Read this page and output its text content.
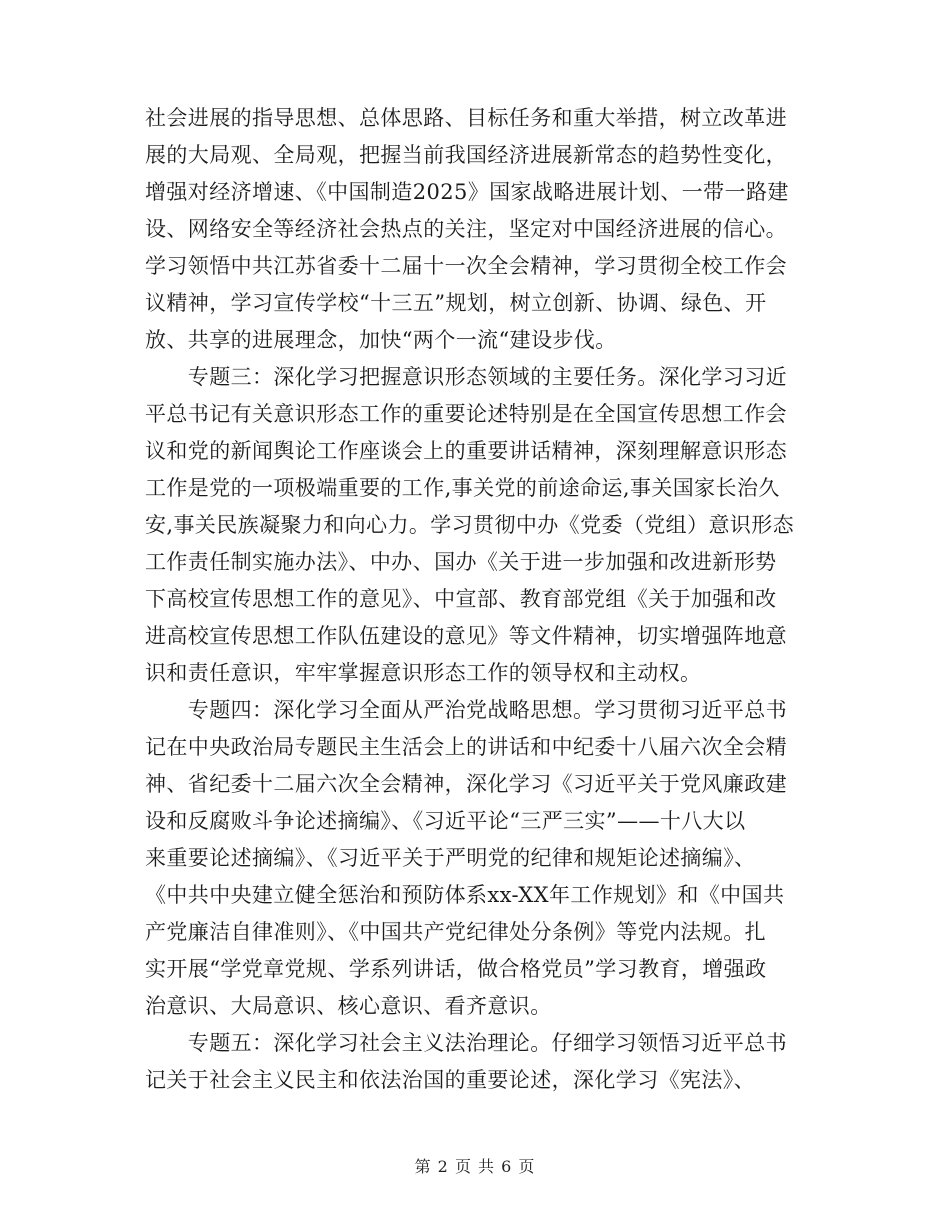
社会进展的指导思想、总体思路、目标任务和重大举措，树立改革进
展的大局观、全局观，把握当前我国经济进展新常态的趋势性变化，
增强对经济增速、《中国制造2025》国家战略进展计划、一带一路建
设、网络安全等经济社会热点的关注，坚定对中国经济进展的信心。
学习领悟中共江苏省委十二届十一次全会精神，学习贯彻全校工作会
议精神，学习宣传学校“十三五”规划，树立创新、协调、绿色、开
放、共享的进展理念，加快“两个一流“建设步伐。
　　专题三：深化学习把握意识形态领域的主要任务。深化学习习近
平总书记有关意识形态工作的重要论述特别是在全国宣传思想工作会
议和党的新闻舆论工作座谈会上的重要讲话精神，深刻理解意识形态
工作是党的一项极端重要的工作,事关党的前途命运,事关国家长治久
安,事关民族凝聚力和向心力。学习贯彻中办《党委（党组）意识形态
工作责任制实施办法》、中办、国办《关于进一步加强和改进新形势
下高校宣传思想工作的意见》、中宣部、教育部党组《关于加强和改
进高校宣传思想工作队伍建设的意见》等文件精神，切实增强阵地意
识和责任意识，牢牢掌握意识形态工作的领导权和主动权。
　　专题四：深化学习全面从严治党战略思想。学习贯彻习近平总书
记在中央政治局专题民主生活会上的讲话和中纪委十八届六次全会精
神、省纪委十二届六次全会精神，深化学习《习近平关于党风廉政建
设和反腐败斗争论述摘编》、《习近平论“三严三实”——十八大以
来重要论述摘编》、《习近平关于严明党的纪律和规矩论述摘编》、
《中共中央建立健全惩治和预防体系xx-XX年工作规划》和《中国共
产党廉洁自律准则》、《中国共产党纪律处分条例》等党内法规。扎
实开展“学党章党规、学系列讲话，做合格党员”学习教育，增强政
治意识、大局意识、核心意识、看齐意识。
　　专题五：深化学习社会主义法治理论。仔细学习领悟习近平总书
记关于社会主义民主和依法治国的重要论述，深化学习《宪法》、
第 2 页 共 6 页
